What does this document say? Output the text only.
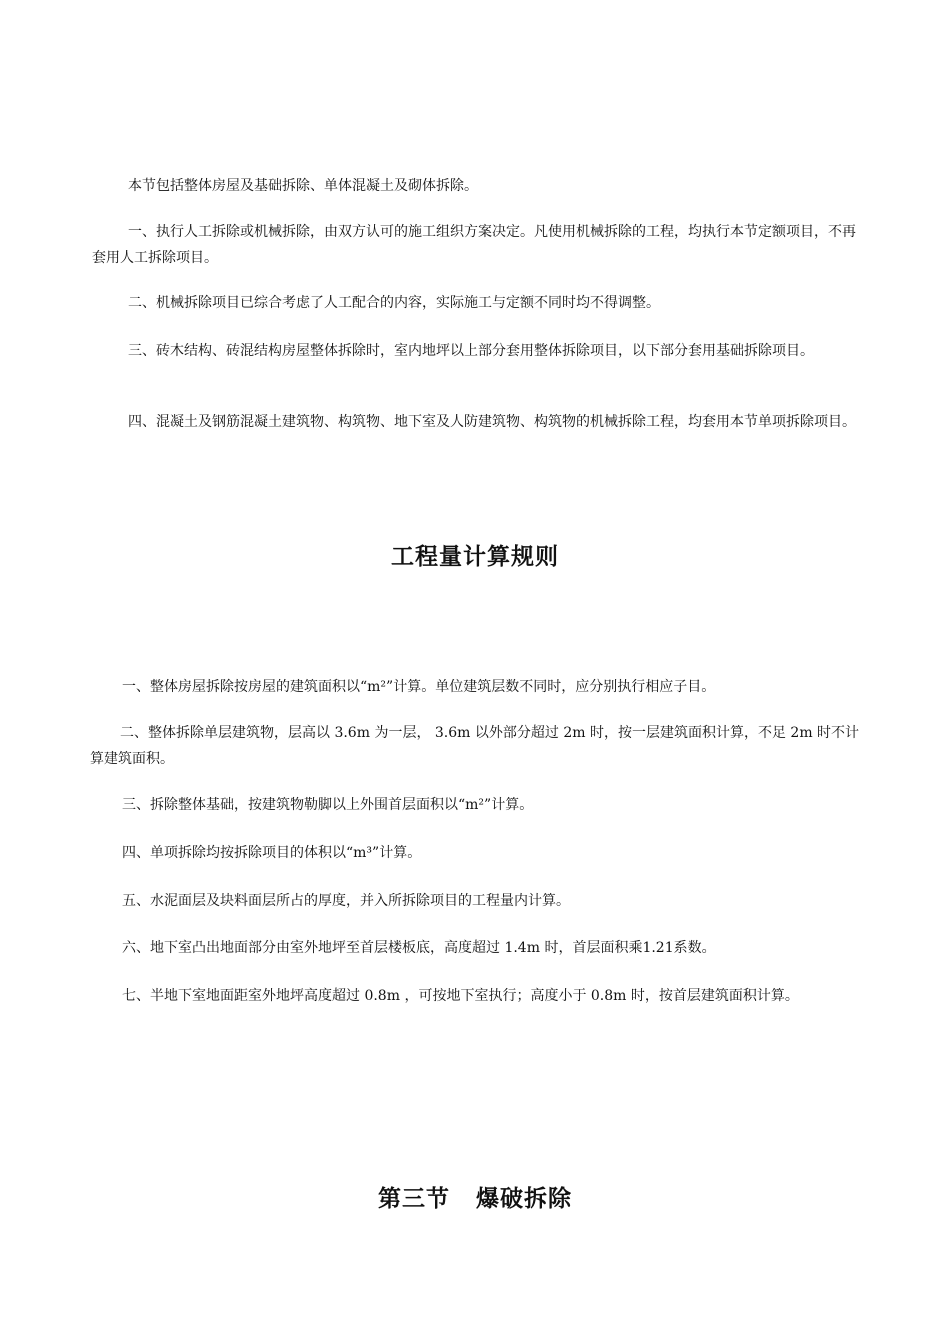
本节包括整体房屋及基础拆除、单体混凝土及砌体拆除。

一、执行人工拆除或机械拆除，由双方认可的施工组织方案决定。凡使用机械拆除的工程，均执行本节定额项目，不再套用人工拆除项目。

二、机械拆除项目已综合考虑了人工配合的内容，实际施工与定额不同时均不得调整。

三、砖木结构、砖混结构房屋整体拆除时，室内地坪以上部分套用整体拆除项目，以下部分套用基础拆除项目。

四、混凝土及钢筋混凝土建筑物、构筑物、地下室及人防建筑物、构筑物的机械拆除工程，均套用本节单项拆除项目。

工程量计算规则

一、整体房屋拆除按房屋的建筑面积以“m²”计算。单位建筑层数不同时，应分别执行相应子目。

二、整体拆除单层建筑物，层高以 3.6m 为一层， 3.6m 以外部分超过 2m 时，按一层建筑面积计算，不足 2m 时不计算建筑面积。

三、拆除整体基础，按建筑物勒脚以上外围首层面积以“m²”计算。

四、单项拆除均按拆除项目的体积以“m³”计算。

五、水泥面层及块料面层所占的厚度，并入所拆除项目的工程量内计算。

六、地下室凸出地面部分由室外地坪至首层楼板底，高度超过 1.4m 时，首层面积乘1.21系数。

七、半地下室地面距室外地坪高度超过 0.8m ，可按地下室执行；高度小于 0.8m 时，按首层建筑面积计算。

第三节 爆破拆除
